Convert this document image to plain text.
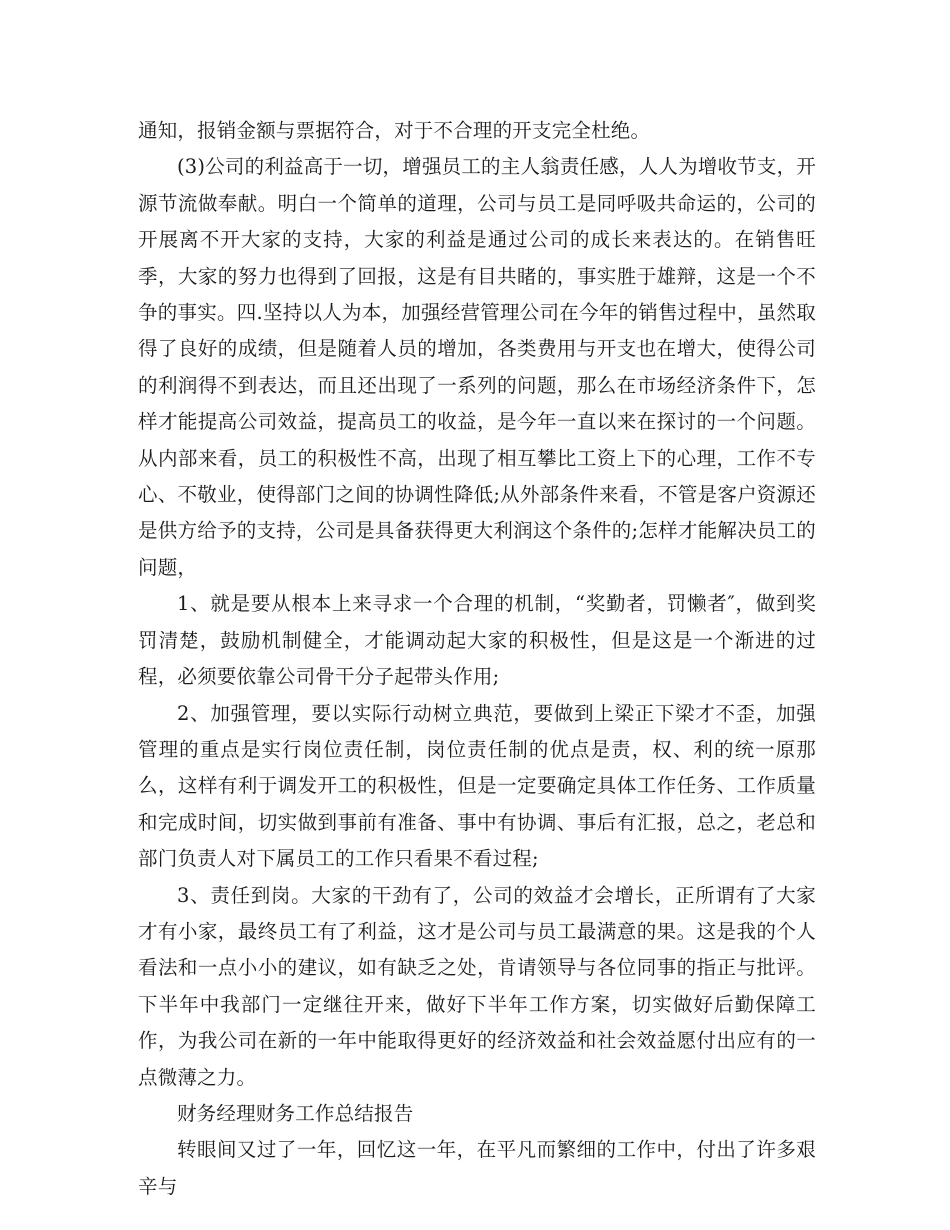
通知，报销金额与票据符合，对于不合理的开支完全杜绝。

(3)公司的利益高于一切，增强员工的主人翁责任感，人人为增收节支，开源节流做奉献。明白一个简单的道理，公司与员工是同呼吸共命运的，公司的开展离不开大家的支持，大家的利益是通过公司的成长来表达的。在销售旺季，大家的努力也得到了回报，这是有目共睹的，事实胜于雄辩，这是一个不争的事实。四.坚持以人为本，加强经营管理公司在今年的销售过程中，虽然取得了良好的成绩，但是随着人员的增加，各类费用与开支也在增大，使得公司的利润得不到表达，而且还出现了一系列的问题，那么在市场经济条件下，怎样才能提高公司效益，提高员工的收益，是今年一直以来在探讨的一个问题。从内部来看，员工的积极性不高，出现了相互攀比工资上下的心理，工作不专心、不敬业，使得部门之间的协调性降低;从外部条件来看，不管是客户资源还是供方给予的支持，公司是具备获得更大利润这个条件的;怎样才能解决员工的问题，

1、就是要从根本上来寻求一个合理的机制，“奖勤者，罚懒者″，做到奖罚清楚，鼓励机制健全，才能调动起大家的积极性，但是这是一个渐进的过程，必须要依靠公司骨干分子起带头作用;

2、加强管理，要以实际行动树立典范，要做到上梁正下梁才不歪，加强管理的重点是实行岗位责任制，岗位责任制的优点是责，权、利的统一原那么，这样有利于调发开工的积极性，但是一定要确定具体工作任务、工作质量和完成时间，切实做到事前有准备、事中有协调、事后有汇报，总之，老总和部门负责人对下属员工的工作只看果不看过程;

3、责任到岗。大家的干劲有了，公司的效益才会增长，正所谓有了大家才有小家，最终员工有了利益，这才是公司与员工最满意的果。这是我的个人看法和一点小小的建议，如有缺乏之处，肯请领导与各位同事的指正与批评。下半年中我部门一定继往开来，做好下半年工作方案，切实做好后勤保障工作，为我公司在新的一年中能取得更好的经济效益和社会效益愿付出应有的一点微薄之力。

财务经理财务工作总结报告

转眼间又过了一年，回忆这一年，在平凡而繁细的工作中，付出了许多艰辛与
